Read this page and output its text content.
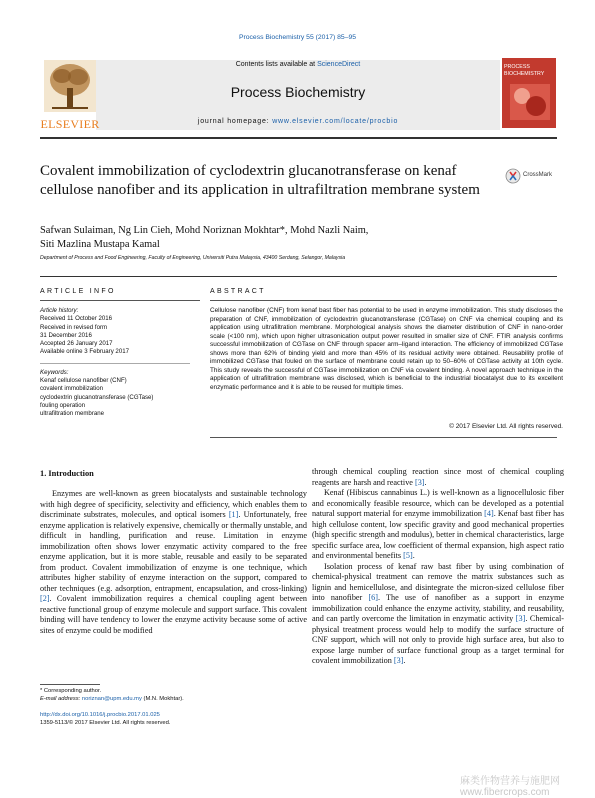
Process Biochemistry 55 (2017) 85–95
ELSEVIER
Contents lists available at ScienceDirect
Process Biochemistry
journal homepage: www.elsevier.com/locate/procbio
PROCESS BIOCHEMISTRY
Covalent immobilization of cyclodextrin glucanotransferase on kenaf cellulose nanofiber and its application in ultrafiltration membrane system
CrossMark
Safwan Sulaiman, Ng Lin Cieh, Mohd Noriznan Mokhtar*, Mohd Nazli Naim,
Siti Mazlina Mustapa Kamal
Department of Process and Food Engineering, Faculty of Engineering, Universiti Putra Malaysia, 43400 Serdang, Selangor, Malaysia
ARTICLE INFO	ABSTRACT
Article history:
Received 11 October 2016
Received in revised form
31 December 2016
Accepted 26 January 2017
Available online 3 February 2017
Keywords:
Kenaf cellulose nanofiber (CNF)
covalent immobilization
cyclodextrin glucanotransferase (CGTase)
fouling operation
ultrafiltration membrane
Cellulose nanofiber (CNF) from kenaf bast fiber has potential to be used in enzyme immobilization. This study discloses the preparation of CNF, immobilization of cyclodextrin glucanotransferase (CGTase) on CNF via chemical coupling and its application using ultrafiltration membrane. Morphological analysis shows the diameter distribution of CNF in nano-order scale (<100 nm), which upon higher ultrasonication output power resulted in smaller size of CNF. FTIR analysis confirms successful immobilization of CGTase on CNF through spacer arm–ligand interaction. The efficiency of immobilized CGTase shows more than 62% of binding yield and more than 45% of its residual activity were obtained. Reusability profile of immobilized CGTase that fouled on the surface of membrane could retain up to 50–60% of CGTase activity at 10th cycle. This study reveals the successful of CGTase immobilization on CNF via covalent binding. A novel approach technique in the application of ultrafiltration membrane was disclosed, which is beneficial to the industrial biocatalyst due to its excellent enzymatic performance and it is able to be reused for multiple times.
© 2017 Elsevier Ltd. All rights reserved.
1. Introduction

Enzymes are well-known as green biocatalysts and sustainable technology with high degree of specificity, selectivity and efficiency, which enables them to discriminate substrates, molecules, and optical isomers [1]. Unfortunately, free enzyme application is relatively expensive, chemically or thermally unstable, and difficult in handling, purification and reuse. Limitation in enzyme immobilization often shows lower enzymatic activity compared to the free enzyme application, but it is more stable, reusable and easily to be separated from product. Covalent immobilization of enzyme is one technique, which attributes higher stability of enzyme interaction on the support, compared to other techniques (e.g. adsorption, entrapment, encapsulation, and cross-linking) [2]. Covalent immobilization requires a chemical coupling agent between reactive functional group of enzyme molecule and support surface. This covalent binding will have tendency to lower the enzyme activity because some of active sites of enzyme could be modified

through chemical coupling reaction since most of chemical coupling reagents are harsh and reactive [3].

Kenaf (Hibiscus cannabinus L.) is well-known as a lignocellulosic fiber and economically feasible resource, which can be developed as a potential natural support material for enzyme immobilization [4]. Kenaf bast fiber has high cellulose content, low specific gravity and good mechanical properties (high specific strength and modulus), better in chemical characteristics, large specific surface area, low coefficient of thermal expansion, high aspect ratio and environmental benefits [5].

Isolation process of kenaf raw bast fiber by using combination of chemical-physical treatment can remove the matrix substances such as lignin and hemicellulose, and disintegrate the micron-sized cellulose fiber into nanofiber [6]. The use of nanofiber as a support in enzyme immobilization could enhance the enzyme activity, stability, and reusability, and can partly overcome the limitation in enzymatic activity [3]. Chemical-physical treatment process would help to modify the surface structure of CNF support, which will not only to provide high surface area, but also to expose large number of surface functional group as a target terminal for covalent immobilization [3].

* Corresponding author.
E-mail address: noriznan@upm.edu.my (M.N. Mokhtar).
http://dx.doi.org/10.1016/j.procbio.2017.01.025
1359-5113/© 2017 Elsevier Ltd. All rights reserved.
麻类作物营养与施肥网 www.fibercrops.com
